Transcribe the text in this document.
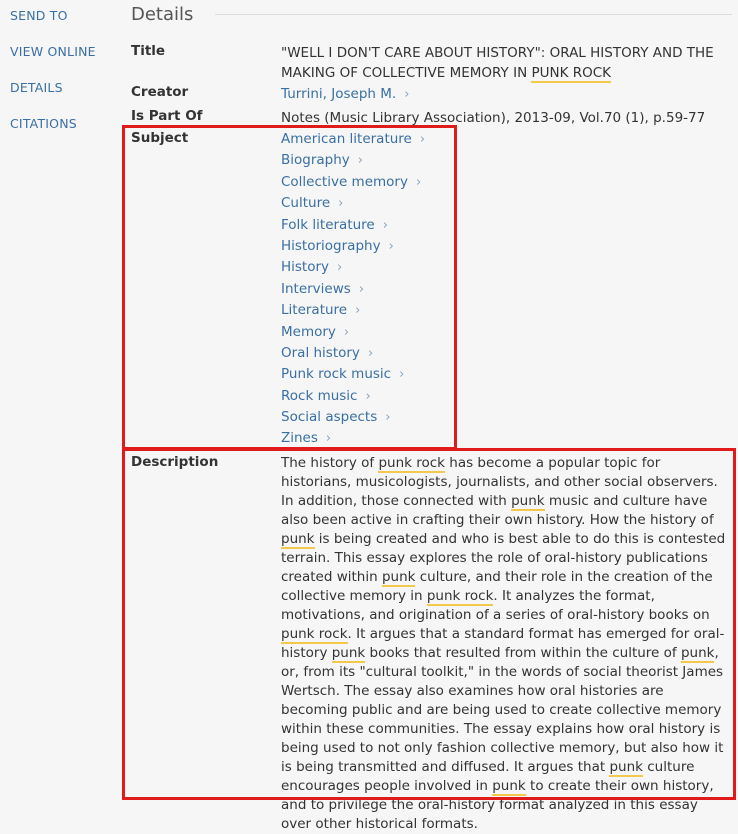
SEND TO
VIEW ONLINE
DETAILS
CITATIONS
Details
Title	"WELL I DON'T CARE ABOUT HISTORY": ORAL HISTORY AND THE
MAKING OF COLLECTIVE MEMORY IN PUNK ROCK
Creator	Turrini, Joseph M. ›
Is Part Of	Notes (Music Library Association), 2013-09, Vol.70 (1), p.59-77
Subject	American literature ›
Biography ›
Collective memory ›
Culture ›
Folk literature ›
Historiography ›
History ›
Interviews ›
Literature ›
Memory ›
Oral history ›
Punk rock music ›
Rock music ›
Social aspects ›
Zines ›
Description	The history of punk rock has become a popular topic for historians, musicologists, journalists, and other social observers. In addition, those connected with punk music and culture have also been active in crafting their own history. How the history of punk is being created and who is best able to do this is contested terrain. This essay explores the role of oral-history publications created within punk culture, and their role in the creation of the collective memory in punk rock. It analyzes the format, motivations, and origination of a series of oral-history books on punk rock. It argues that a standard format has emerged for oral-history punk books that resulted from within the culture of punk, or, from its "cultural toolkit," in the words of social theorist James Wertsch. The essay also examines how oral histories are becoming public and are being used to create collective memory within these communities. The essay explains how oral history is being used to not only fashion collective memory, but also how it is being transmitted and diffused. It argues that punk culture encourages people involved in punk to create their own history, and to privilege the oral-history format analyzed in this essay over other historical formats.
